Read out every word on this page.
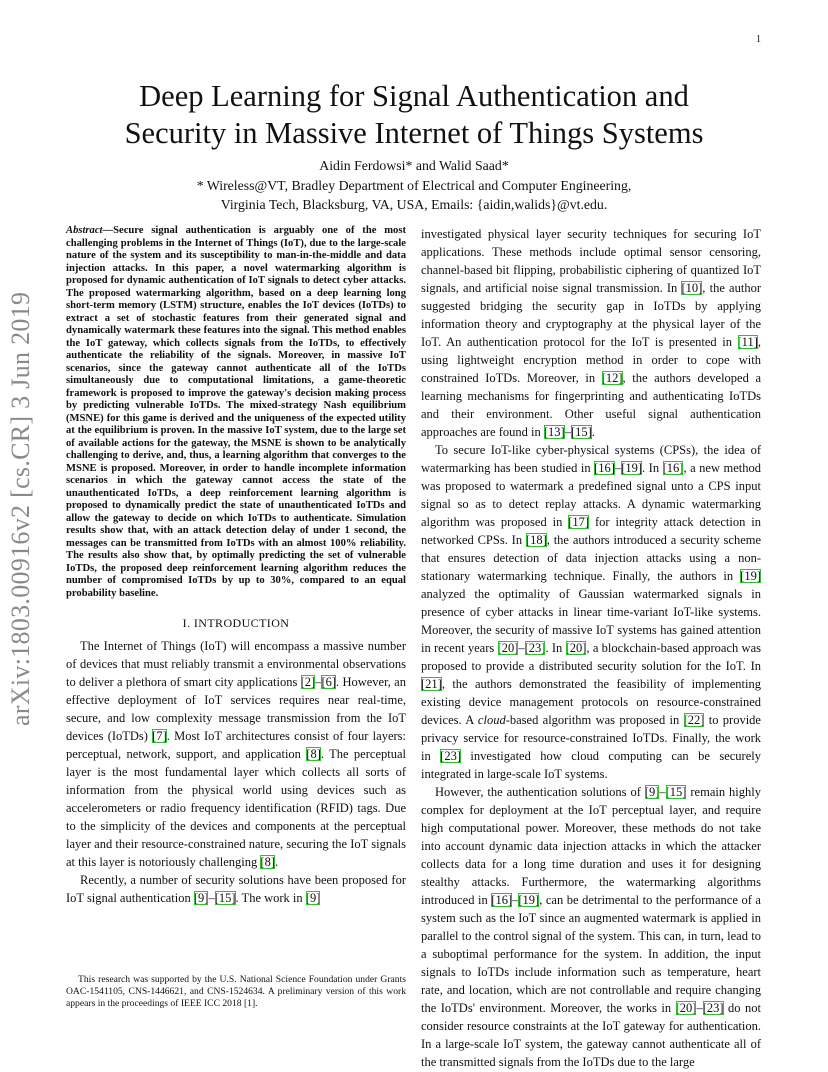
1
arXiv:1803.00916v2 [cs.CR] 3 Jun 2019
Deep Learning for Signal Authentication and
Security in Massive Internet of Things Systems
Aidin Ferdowsi* and Walid Saad*
* Wireless@VT, Bradley Department of Electrical and Computer Engineering,
Virginia Tech, Blacksburg, VA, USA, Emails: {aidin,walids}@vt.edu.

Abstract—Secure signal authentication is arguably one of the most challenging problems in the Internet of Things (IoT), due to the large-scale nature of the system and its susceptibility to man-in-the-middle and data injection attacks. In this paper, a novel watermarking algorithm is proposed for dynamic authentication of IoT signals to detect cyber attacks. The proposed watermarking algorithm, based on a deep learning long short-term memory (LSTM) structure, enables the IoT devices (IoTDs) to extract a set of stochastic features from their generated signal and dynamically watermark these features into the signal. This method enables the IoT gateway, which collects signals from the IoTDs, to effectively authenticate the reliability of the signals. Moreover, in massive IoT scenarios, since the gateway cannot authenticate all of the IoTDs simultaneously due to computational limitations, a game-theoretic framework is proposed to improve the gateway's decision making process by predicting vulnerable IoTDs. The mixed-strategy Nash equilibrium (MSNE) for this game is derived and the uniqueness of the expected utility at the equilibrium is proven. In the massive IoT system, due to the large set of available actions for the gateway, the MSNE is shown to be analytically challenging to derive, and, thus, a learning algorithm that converges to the MSNE is proposed. Moreover, in order to handle incomplete information scenarios in which the gateway cannot access the state of the unauthenticated IoTDs, a deep reinforcement learning algorithm is proposed to dynamically predict the state of unauthenticated IoTDs and allow the gateway to decide on which IoTDs to authenticate. Simulation results show that, with an attack detection delay of under 1 second, the messages can be transmitted from IoTDs with an almost 100% reliability. The results also show that, by optimally predicting the set of vulnerable IoTDs, the proposed deep reinforcement learning algorithm reduces the number of compromised IoTDs by up to 30%, compared to an equal probability baseline.

I. INTRODUCTION

The Internet of Things (IoT) will encompass a massive number of devices that must reliably transmit a environmental observations to deliver a plethora of smart city applications [2]–[6]. However, an effective deployment of IoT services requires near real-time, secure, and low complexity message transmission from the IoT devices (IoTDs) [7]. Most IoT architectures consist of four layers: perceptual, network, support, and application [8]. The perceptual layer is the most fundamental layer which collects all sorts of information from the physical world using devices such as accelerometers or radio frequency identification (RFID) tags. Due to the simplicity of the devices and components at the perceptual layer and their resource-constrained nature, securing the IoT signals at this layer is notoriously challenging [8].

Recently, a number of security solutions have been proposed for IoT signal authentication [9]–[15]. The work in [9]

This research was supported by the U.S. National Science Foundation under Grants OAC-1541105, CNS-1446621, and CNS-1524634. A preliminary version of this work appears in the proceedings of IEEE ICC 2018 [1].

investigated physical layer security techniques for securing IoT applications. These methods include optimal sensor censoring, channel-based bit flipping, probabilistic ciphering of quantized IoT signals, and artificial noise signal transmission. In [10], the author suggested bridging the security gap in IoTDs by applying information theory and cryptography at the physical layer of the IoT. An authentication protocol for the IoT is presented in [11], using lightweight encryption method in order to cope with constrained IoTDs. Moreover, in [12], the authors developed a learning mechanisms for fingerprinting and authenticating IoTDs and their environment. Other useful signal authentication approaches are found in [13]–[15].

To secure IoT-like cyber-physical systems (CPSs), the idea of watermarking has been studied in [16]–[19]. In [16], a new method was proposed to watermark a predefined signal unto a CPS input signal so as to detect replay attacks. A dynamic watermarking algorithm was proposed in [17] for integrity attack detection in networked CPSs. In [18], the authors introduced a security scheme that ensures detection of data injection attacks using a non-stationary watermarking technique. Finally, the authors in [19] analyzed the optimality of Gaussian watermarked signals in presence of cyber attacks in linear time-variant IoT-like systems. Moreover, the security of massive IoT systems has gained attention in recent years [20]–[23]. In [20], a blockchain-based approach was proposed to provide a distributed security solution for the IoT. In [21], the authors demonstrated the feasibility of implementing existing device management protocols on resource-constrained devices. A cloud-based algorithm was proposed in [22] to provide privacy service for resource-constrained IoTDs. Finally, the work in [23] investigated how cloud computing can be securely integrated in large-scale IoT systems.

However, the authentication solutions of [9]–[15] remain highly complex for deployment at the IoT perceptual layer, and require high computational power. Moreover, these methods do not take into account dynamic data injection attacks in which the attacker collects data for a long time duration and uses it for designing stealthy attacks. Furthermore, the watermarking algorithms introduced in [16]–[19], can be detrimental to the performance of a system such as the IoT since an augmented watermark is applied in parallel to the control signal of the system. This can, in turn, lead to a suboptimal performance for the system. In addition, the input signals to IoTDs include information such as temperature, heart rate, and location, which are not controllable and require changing the IoTDs' environment. Moreover, the works in [20]–[23] do not consider resource constraints at the IoT gateway for authentication. In a large-scale IoT system, the gateway cannot authenticate all of the transmitted signals from the IoTDs due to the large
